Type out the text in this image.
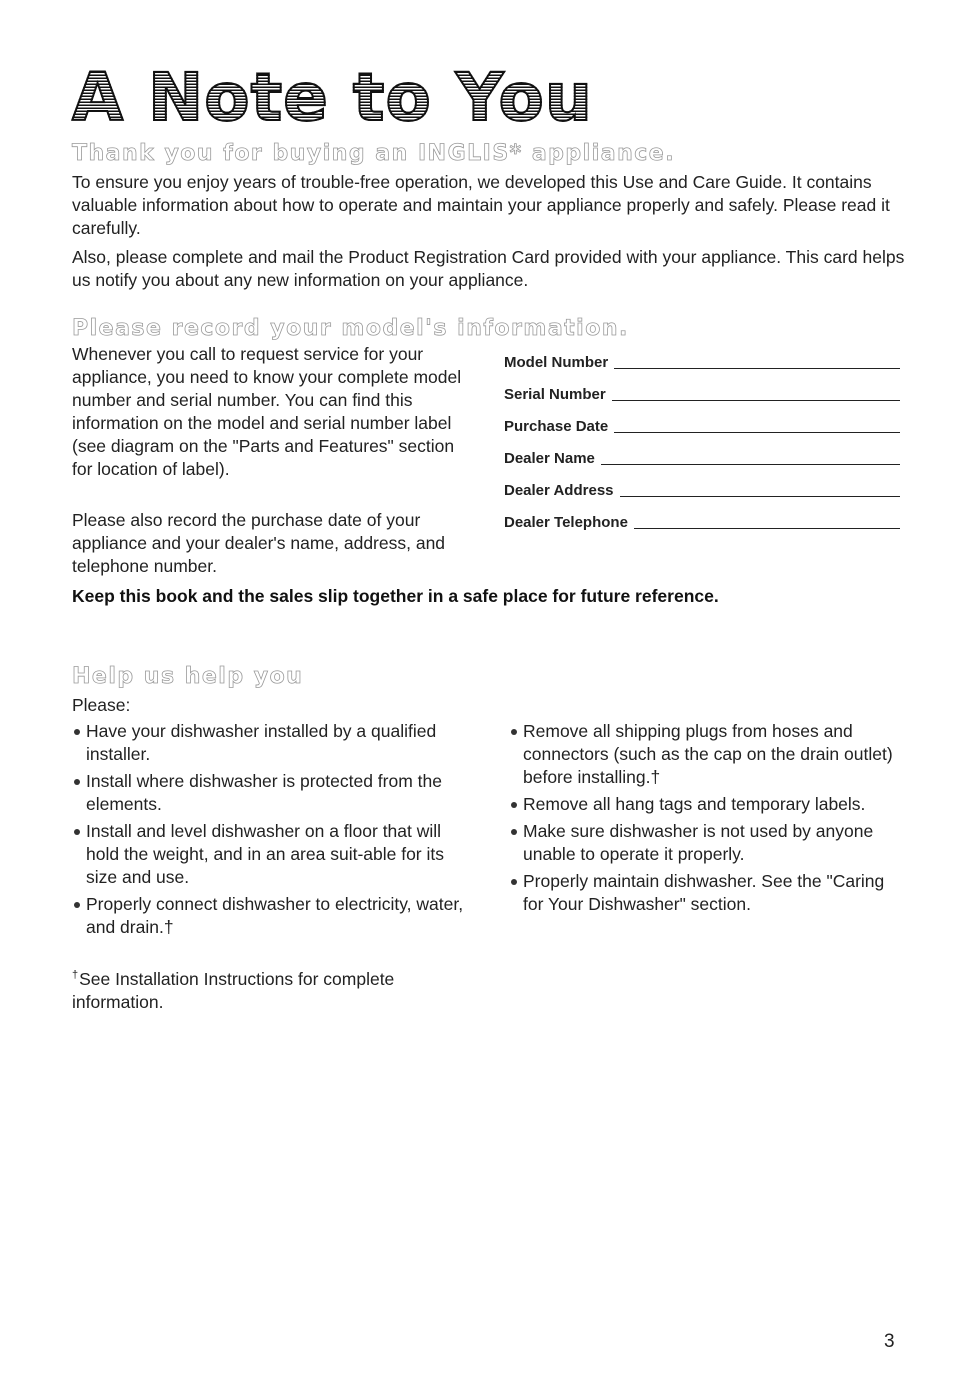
A Note to You
Thank you for buying an INGLIS* appliance.

To ensure you enjoy years of trouble-free operation, we developed this Use and Care Guide. It contains valuable information about how to operate and maintain your appliance properly and safely. Please read it carefully.

Also, please complete and mail the Product Registration Card provided with your appliance. This card helps us notify you about any new information on your appliance.

Please record your model's information.

Whenever you call to request service for your appliance, you need to know your complete model number and serial number. You can find this information on the model and serial number label (see diagram on the "Parts and Features" section for location of label).

Please also record the purchase date of your appliance and your dealer's name, address, and telephone number.

Model Number
Serial Number
Purchase Date
Dealer Name
Dealer Address
Dealer Telephone

Keep this book and the sales slip together in a safe place for future reference.

Help us help you

Please:

Have your dishwasher installed by a qualified installer.
Install where dishwasher is protected from the elements.
Install and level dishwasher on a floor that will hold the weight, and in an area suit-able for its size and use.
Properly connect dishwasher to electricity, water, and drain.†
Remove all shipping plugs from hoses and connectors (such as the cap on the drain outlet) before installing.†
Remove all hang tags and temporary labels.
Make sure dishwasher is not used by anyone unable to operate it properly.
Properly maintain dishwasher. See the "Caring for Your Dishwasher" section.

†See Installation Instructions for complete information.

3
